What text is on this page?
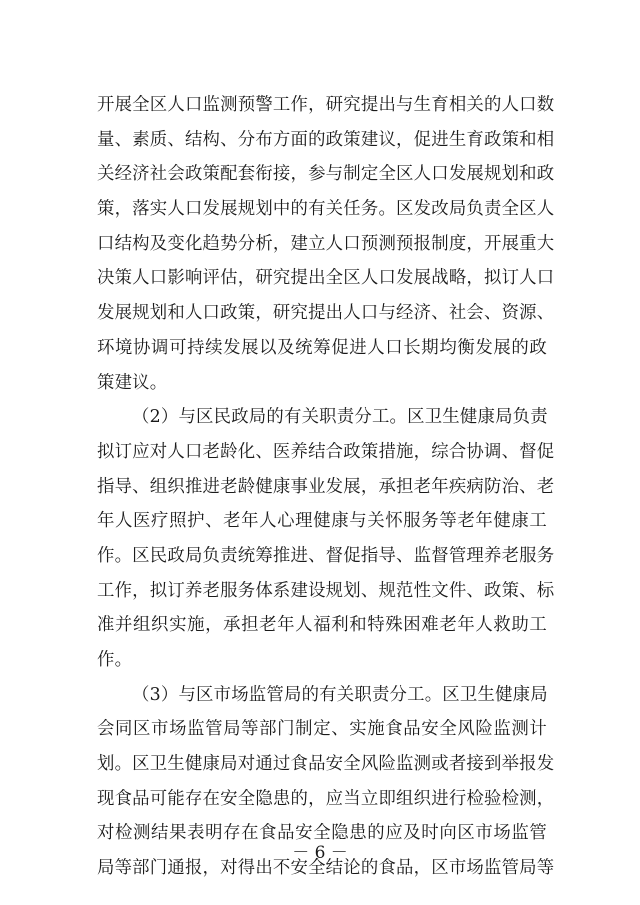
开展全区人口监测预警工作，研究提出与生育相关的人口数
量、素质、结构、分布方面的政策建议，促进生育政策和相
关经济社会政策配套衔接，参与制定全区人口发展规划和政
策，落实人口发展规划中的有关任务。区发改局负责全区人
口结构及变化趋势分析，建立人口预测预报制度，开展重大
决策人口影响评估，研究提出全区人口发展战略，拟订人口
发展规划和人口政策，研究提出人口与经济、社会、资源、
环境协调可持续发展以及统筹促进人口长期均衡发展的政
策建议。
（2）与区民政局的有关职责分工。区卫生健康局负责
拟订应对人口老龄化、医养结合政策措施，综合协调、督促
指导、组织推进老龄健康事业发展，承担老年疾病防治、老
年人医疗照护、老年人心理健康与关怀服务等老年健康工
作。区民政局负责统筹推进、督促指导、监督管理养老服务
工作，拟订养老服务体系建设规划、规范性文件、政策、标
准并组织实施，承担老年人福利和特殊困难老年人救助工
作。
（3）与区市场监管局的有关职责分工。区卫生健康局
会同区市场监管局等部门制定、实施食品安全风险监测计
划。区卫生健康局对通过食品安全风险监测或者接到举报发
现食品可能存在安全隐患的，应当立即组织进行检验检测，
对检测结果表明存在食品安全隐患的应及时向区市场监管
局等部门通报，对得出不安全结论的食品，区市场监管局等
－ 6 －
